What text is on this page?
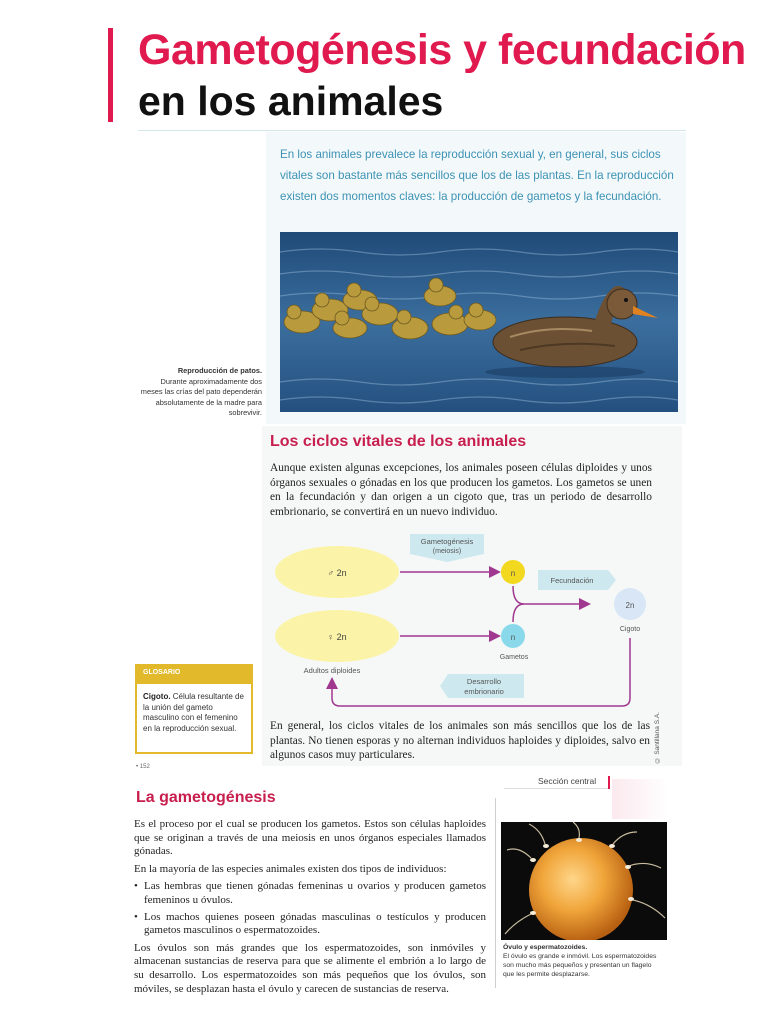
Gametogénesis y fecundación
en los animales

En los animales prevalece la reproducción sexual y, en general, sus ciclos vitales son bastante más sencillos que los de las plantas. En la reproducción existen dos momentos claves: la producción de gametos y la fecundación.

Reproducción de patos.
Durante aproximadamente dos meses las crías del pato dependerán absolutamente de la madre para sobrevivir.
Los ciclos vitales de los animales

Aunque existen algunas excepciones, los animales poseen células diploides y unos órganos sexuales o gónadas en los que producen los gametos. Los gametos se unen en la fecundación y dan origen a un cigoto que, tras un periodo de desarrollo embrionario, se convertirá en un nuevo individuo.

Gametogénesis
(meiosis)
Fecundación
Desarrollo
embrionario
♂ 2n
♀ 2n
Adultos diploides
n
n
Gametos
2n
Cigoto
GLOSARIO
Cigoto. Célula resultante de la unión del gameto masculino con el femenino en la reproducción sexual.	En general, los ciclos vitales de los animales son más sencillos que los de las plantas. No tienen esporas y no alternan individuos haploides y diploides, salvo en algunos casos muy particulares.	© Santillana S.A.
• 152
Sección central
La gametogénesis

Es el proceso por el cual se producen los gametos. Estos son células haploides que se originan a través de una meiosis en unos órganos especiales llamados gónadas.

En la mayoría de las especies animales existen dos tipos de individuos:

• Las hembras que tienen gónadas femeninas u ovarios y producen gametos femeninos u óvulos.
• Los machos quienes poseen gónadas masculinas o testículos y producen gametos masculinos o espermatozoides.

Los óvulos son más grandes que los espermatozoides, son inmóviles y almacenan sustancias de reserva para que se alimente el embrión a lo largo de su desarrollo. Los espermatozoides son más pequeños que los óvulos, son móviles, se desplazan hasta el óvulo y carecen de sustancias de reserva.

Óvulo y espermatozoides.
El óvulo es grande e inmóvil. Los espermatozoides son mucho más pequeños y presentan un flagelo que les permite desplazarse.
